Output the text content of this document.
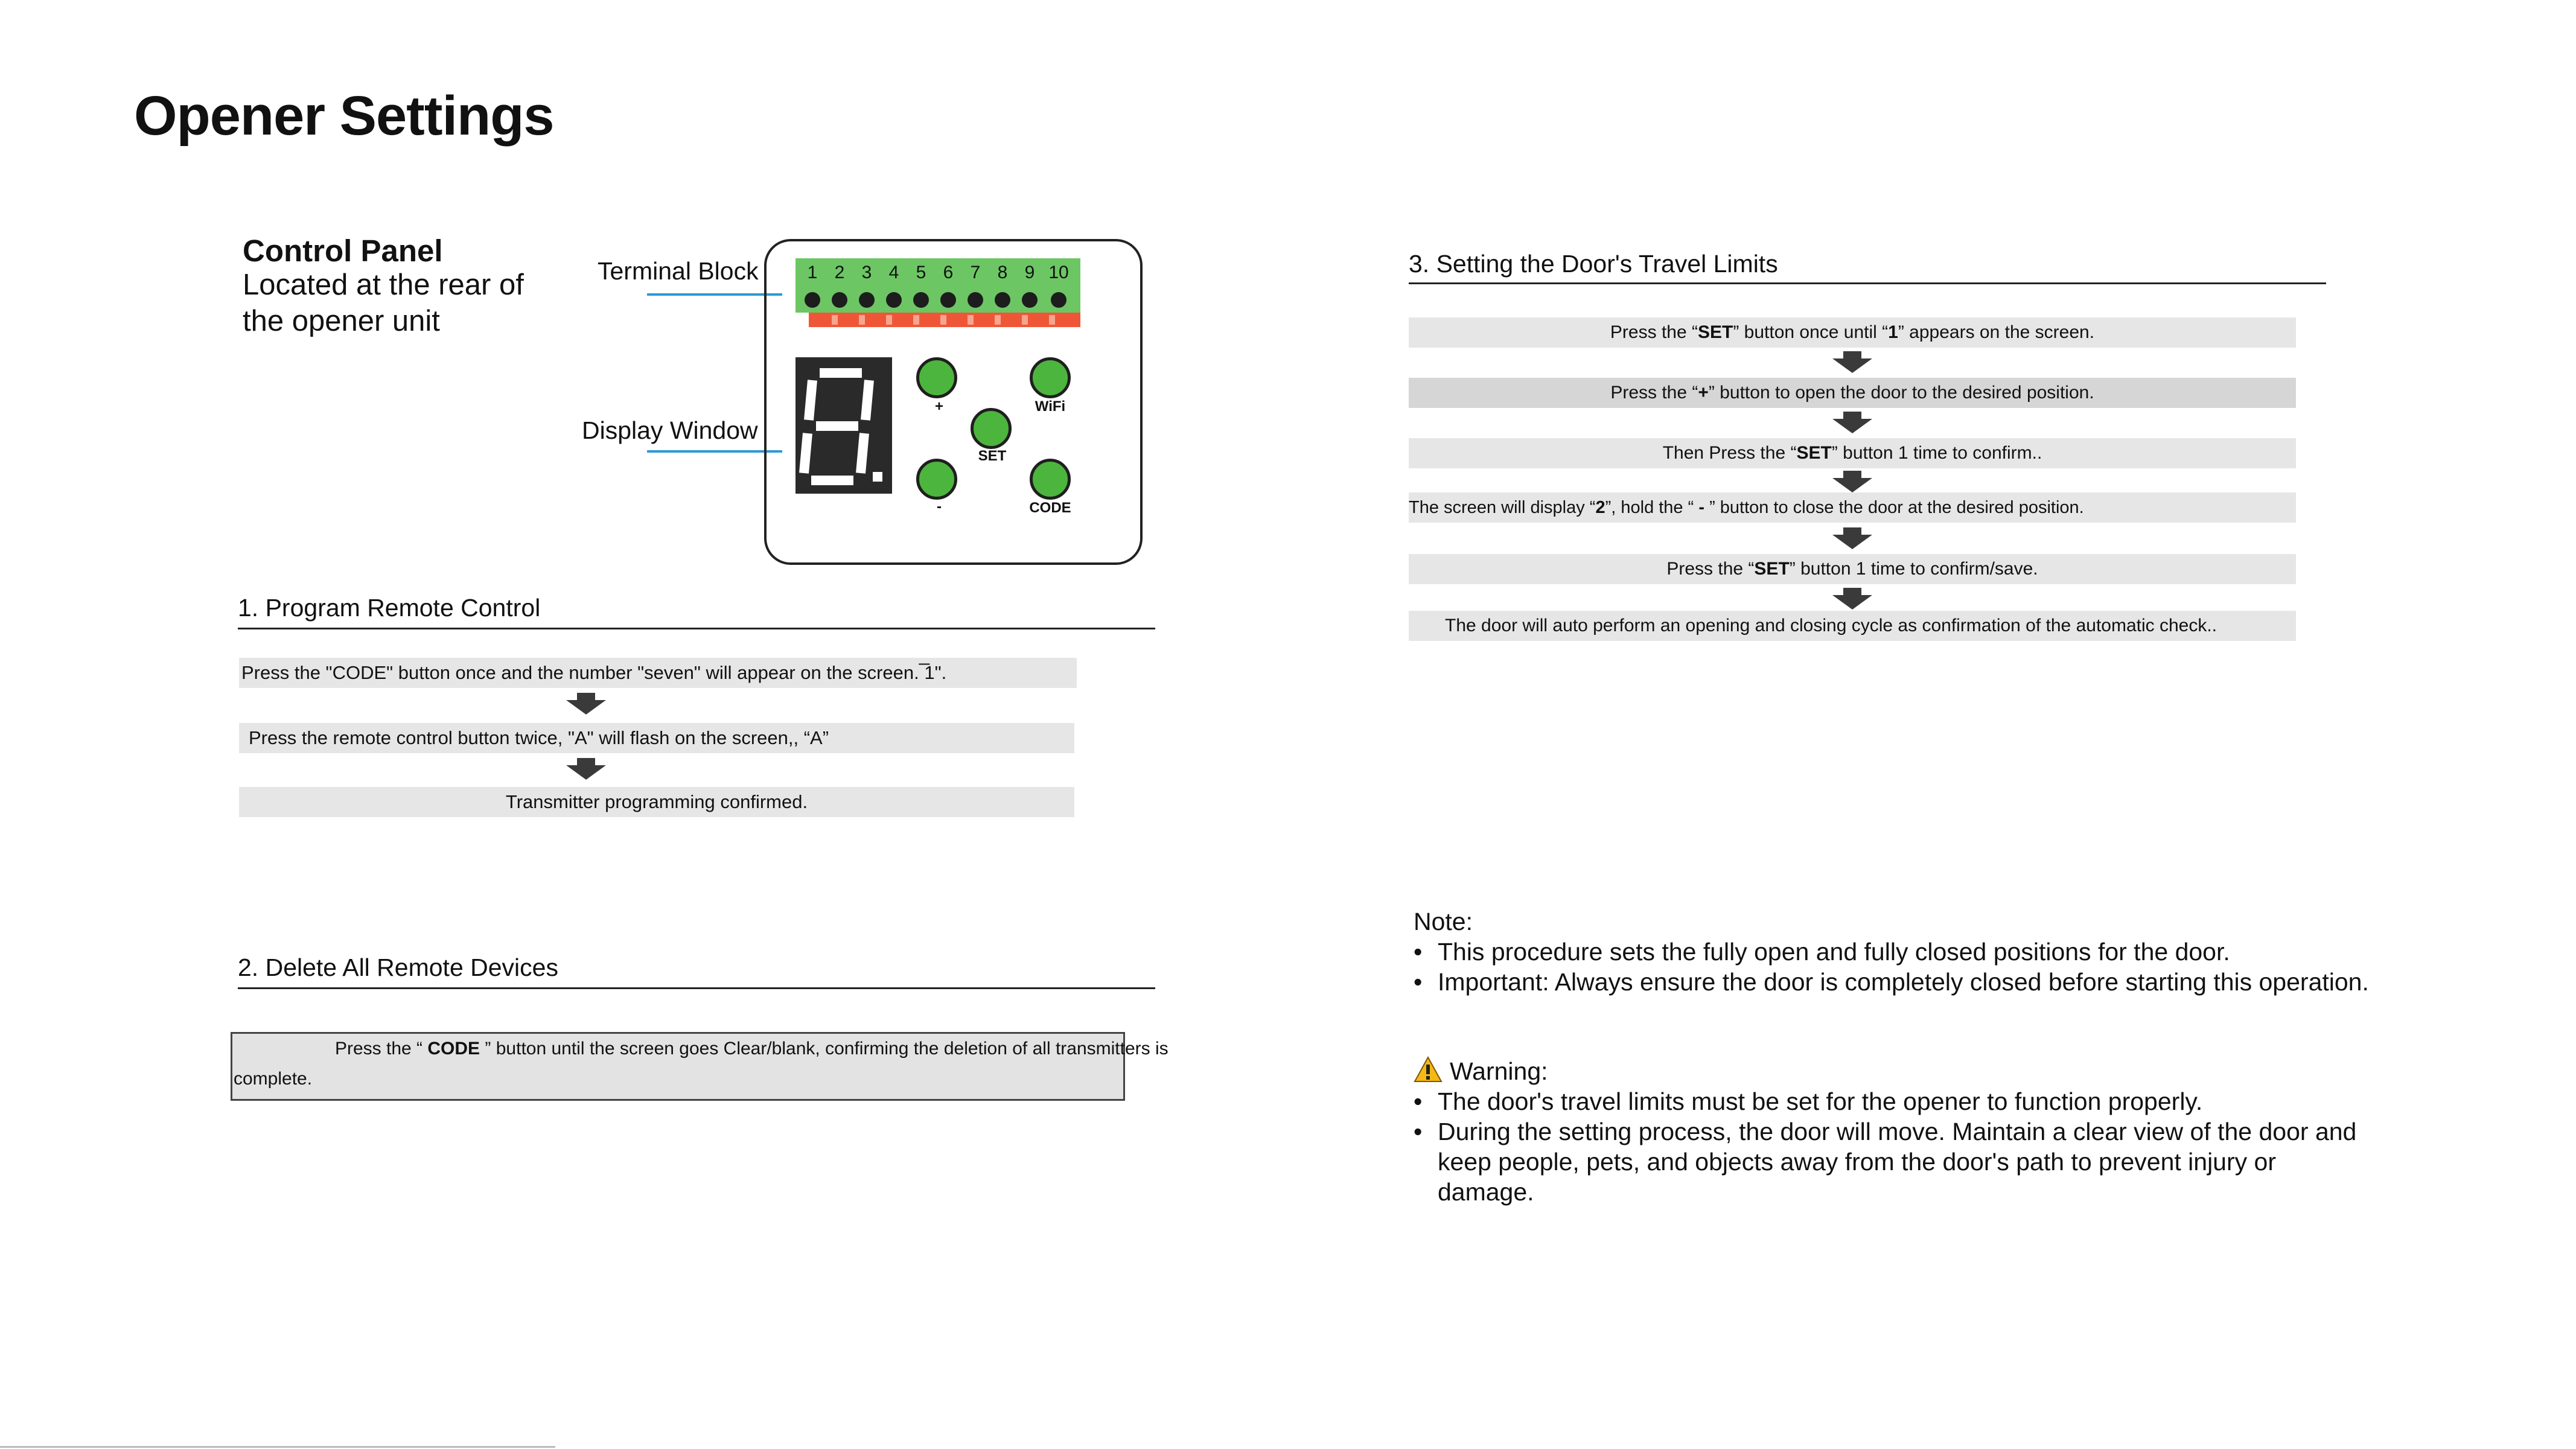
Opener Settings
Control Panel
Located at the rear of the opener unit
Terminal Block
Display Window
1 2 3 4 5 6 7 8 9 10
+	WiFi
SET
-	CODE
1. Program Remote Control
Press the "CODE" button once and the number "seven" will appear on the screen. ̅1".
Press the remote control button twice, "A" will flash on the screen,, “A”
Transmitter programming confirmed.
2. Delete All Remote Devices
Press the “ CODE ” button until the screen goes Clear/blank, confirming the deletion of all transmitters is
complete.
3. Setting the Door's Travel Limits
Press the “SET” button once until “1” appears on the screen.
Press the “+” button to open the door to the desired position.
Then Press the “SET” button 1 time to confirm..
The screen will display “2”, hold the “ - ” button to close the door at the desired position.
Press the “SET” button 1 time to confirm/save.
The door will auto perform an opening and closing cycle as confirmation of the automatic check..
Note:
• This procedure sets the fully open and fully closed positions for the door.
• Important: Always ensure the door is completely closed before starting this operation.
Warning:
• The door's travel limits must be set for the opener to function properly.
• During the setting process, the door will move. Maintain a clear view of the door and keep people, pets, and objects away from the door's path to prevent injury or damage.
